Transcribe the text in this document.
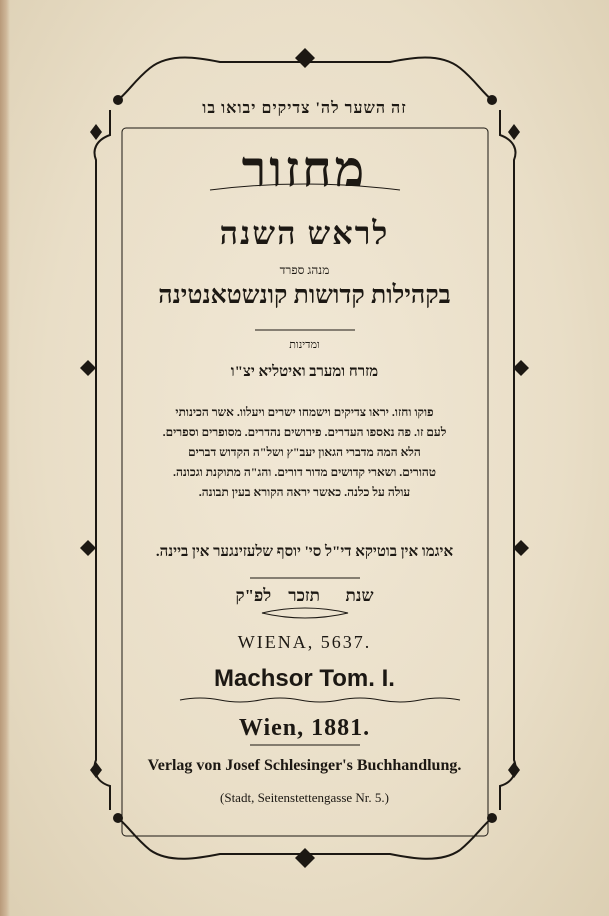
זה השער לה' צדיקים יבואו בו
מחזור
לראש השנה
מנהג ספרד
בקהילות קדושות קונשטאנטינה
ומדינות
מזרח ומערב ואיטליא יצ"ו
פוקו וחזו. יראו צדיקים וישמחו ישרים ויעלוו. אשר הכינותי
לעם זו. פה נאספו העדרים. פירושים נהדרים. מסופרים וספרים.
הלא המה מדברי הגאון יעב"ץ ושל"ה הקדוש דברים
טהורים. ושארי קדושים מדור דורים. והג"ה מתוקנת וגכונה.
עולה על כלנה. כאשר יראה הקורא בעין תבונה.
איגמו אין בוטיקא די"ל סי' יוסף שלעזינגער אין ביינה.
שנת      תזכר    לפ"ק
WIENA, 5637.
Machsor Tom. I.
Wien, 1881.
Verlag von Josef Schlesinger's Buchhandlung.
(Stadt, Seitenstettengasse Nr. 5.)
